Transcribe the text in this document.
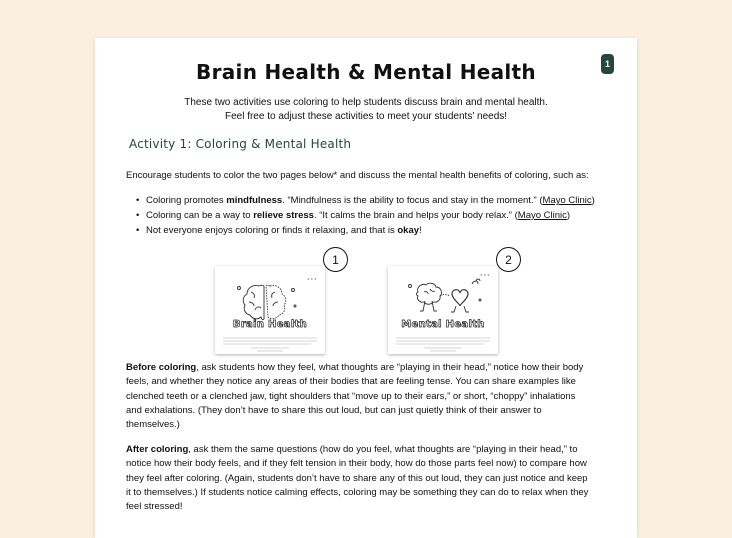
1
Brain Health & Mental Health
These two activities use coloring to help students discuss brain and mental health.
Feel free to adjust these activities to meet your students' needs!
Activity 1: Coloring & Mental Health
Encourage students to color the two pages below* and discuss the mental health benefits of coloring, such as:
• Coloring promotes mindfulness. “Mindfulness is the ability to focus and stay in the moment.” (Mayo Clinic)
• Coloring can be a way to relieve stress. “It calms the brain and helps your body relax.” (Mayo Clinic)
• Not everyone enjoys coloring or finds it relaxing, and that is okay!
★ ★ ★
Brain Health
1
★ ★ ★
Mental Health
2
Before coloring, ask students how they feel, what thoughts are “playing in their head,” notice how their body
feels, and whether they notice any areas of their bodies that are feeling tense. You can share examples like
clenched teeth or a clenched jaw, tight shoulders that “move up to their ears,” or short, “choppy” inhalations
and exhalations. (They don’t have to share this out loud, but can just quietly think of their answer to
themselves.)
After coloring, ask them the same questions (how do you feel, what thoughts are “playing in their head,” to
notice how their body feels, and if they felt tension in their body, how do those parts feel now) to compare how
they feel after coloring. (Again, students don’t have to share any of this out loud, they can just notice and keep
it to themselves.) If students notice calming effects, coloring may be something they can do to relax when they
feel stressed!
